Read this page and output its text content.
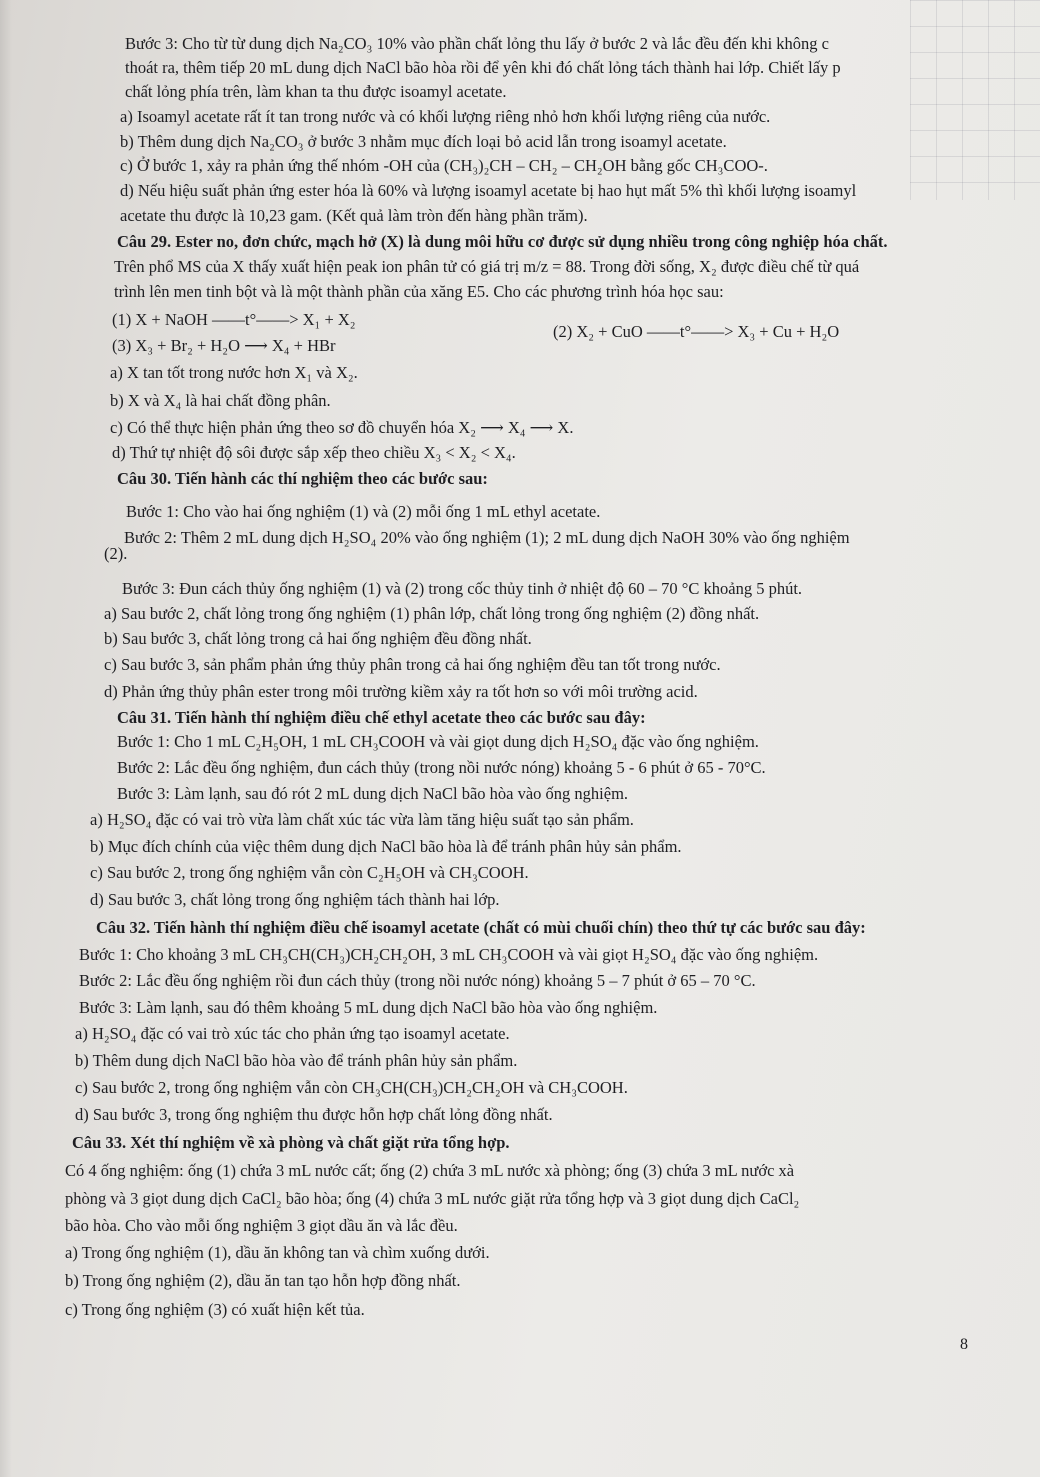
Bước 3: Cho từ từ dung dịch Na₂CO₃ 10% vào phần chất lỏng thu lấy ở bước 2 và lắc đều đến khi không c
thoát ra, thêm tiếp 20 mL dung dịch NaCl bão hòa rồi để yên khi đó chất lỏng tách thành hai lớp. Chiết lấy p
chất lỏng phía trên, làm khan ta thu được isoamyl acetate.
a) Isoamyl acetate rất ít tan trong nước và có khối lượng riêng nhỏ hơn khối lượng riêng của nước.
b) Thêm dung dịch Na₂CO₃ ở bước 3 nhằm mục đích loại bỏ acid lẫn trong isoamyl acetate.
c) Ở bước 1, xảy ra phản ứng thế nhóm -OH của (CH₃)₂CH – CH₂ – CH₂OH bằng gốc CH₃COO-.
d) Nếu hiệu suất phản ứng ester hóa là 60% và lượng isoamyl acetate bị hao hụt mất 5% thì khối lượng isoamyl
acetate thu được là 10,23 gam. (Kết quả làm tròn đến hàng phần trăm).
Câu 29. Ester no, đơn chức, mạch hở (X) là dung môi hữu cơ được sử dụng nhiều trong công nghiệp hóa chất.
Trên phổ MS của X thấy xuất hiện peak ion phân tử có giá trị m/z = 88. Trong đời sống, X₂ được điều chế từ quá
trình lên men tinh bột và là một thành phần của xăng E5. Cho các phương trình hóa học sau:
(1) X + NaOH ——t°——> X₁ + X₂
(2) X₂ + CuO ——t°——> X₃ + Cu + H₂O
(3) X₃ + Br₂ + H₂O ⟶ X₄ + HBr
a) X tan tốt trong nước hơn X₁ và X₂.
b) X và X₄ là hai chất đồng phân.
c) Có thể thực hiện phản ứng theo sơ đồ chuyển hóa X₂ ⟶ X₄ ⟶ X.
d) Thứ tự nhiệt độ sôi được sắp xếp theo chiều X₃ < X₂ < X₄.
Câu 30. Tiến hành các thí nghiệm theo các bước sau:
Bước 1: Cho vào hai ống nghiệm (1) và (2) mỗi ống 1 mL ethyl acetate.
Bước 2: Thêm 2 mL dung dịch H₂SO₄ 20% vào ống nghiệm (1); 2 mL dung dịch NaOH 30% vào ống nghiệm
(2).
Bước 3: Đun cách thủy ống nghiệm (1) và (2) trong cốc thủy tinh ở nhiệt độ 60 – 70 °C khoảng 5 phút.
a) Sau bước 2, chất lỏng trong ống nghiệm (1) phân lớp, chất lỏng trong ống nghiệm (2) đồng nhất.
b) Sau bước 3, chất lỏng trong cả hai ống nghiệm đều đồng nhất.
c) Sau bước 3, sản phẩm phản ứng thủy phân trong cả hai ống nghiệm đều tan tốt trong nước.
d) Phản ứng thủy phân ester trong môi trường kiềm xảy ra tốt hơn so với môi trường acid.
Câu 31. Tiến hành thí nghiệm điều chế ethyl acetate theo các bước sau đây:
Bước 1: Cho 1 mL C₂H₅OH, 1 mL CH₃COOH và vài giọt dung dịch H₂SO₄ đặc vào ống nghiệm.
Bước 2: Lắc đều ống nghiệm, đun cách thủy (trong nồi nước nóng) khoảng 5 - 6 phút ở 65 - 70°C.
Bước 3: Làm lạnh, sau đó rót 2 mL dung dịch NaCl bão hòa vào ống nghiệm.
a) H₂SO₄ đặc có vai trò vừa làm chất xúc tác vừa làm tăng hiệu suất tạo sản phẩm.
b) Mục đích chính của việc thêm dung dịch NaCl bão hòa là để tránh phân hủy sản phẩm.
c) Sau bước 2, trong ống nghiệm vẫn còn C₂H₅OH và CH₃COOH.
d) Sau bước 3, chất lỏng trong ống nghiệm tách thành hai lớp.
Câu 32. Tiến hành thí nghiệm điều chế isoamyl acetate (chất có mùi chuối chín) theo thứ tự các bước sau đây:
Bước 1: Cho khoảng 3 mL CH₃CH(CH₃)CH₂CH₂OH, 3 mL CH₃COOH và vài giọt H₂SO₄ đặc vào ống nghiệm.
Bước 2: Lắc đều ống nghiệm rồi đun cách thủy (trong nồi nước nóng) khoảng 5 – 7 phút ở 65 – 70 °C.
Bước 3: Làm lạnh, sau đó thêm khoảng 5 mL dung dịch NaCl bão hòa vào ống nghiệm.
a) H₂SO₄ đặc có vai trò xúc tác cho phản ứng tạo isoamyl acetate.
b) Thêm dung dịch NaCl bão hòa vào để tránh phân hủy sản phẩm.
c) Sau bước 2, trong ống nghiệm vẫn còn CH₃CH(CH₃)CH₂CH₂OH và CH₃COOH.
d) Sau bước 3, trong ống nghiệm thu được hỗn hợp chất lỏng đồng nhất.
Câu 33. Xét thí nghiệm về xà phòng và chất giặt rửa tổng hợp.
Có 4 ống nghiệm: ống (1) chứa 3 mL nước cất; ống (2) chứa 3 mL nước xà phòng; ống (3) chứa 3 mL nước xà
phòng và 3 giọt dung dịch CaCl₂ bão hòa; ống (4) chứa 3 mL nước giặt rửa tổng hợp và 3 giọt dung dịch CaCl₂
bão hòa. Cho vào mỗi ống nghiệm 3 giọt dầu ăn và lắc đều.
a) Trong ống nghiệm (1), dầu ăn không tan và chìm xuống dưới.
b) Trong ống nghiệm (2), dầu ăn tan tạo hỗn hợp đồng nhất.
c) Trong ống nghiệm (3) có xuất hiện kết tủa.
8
